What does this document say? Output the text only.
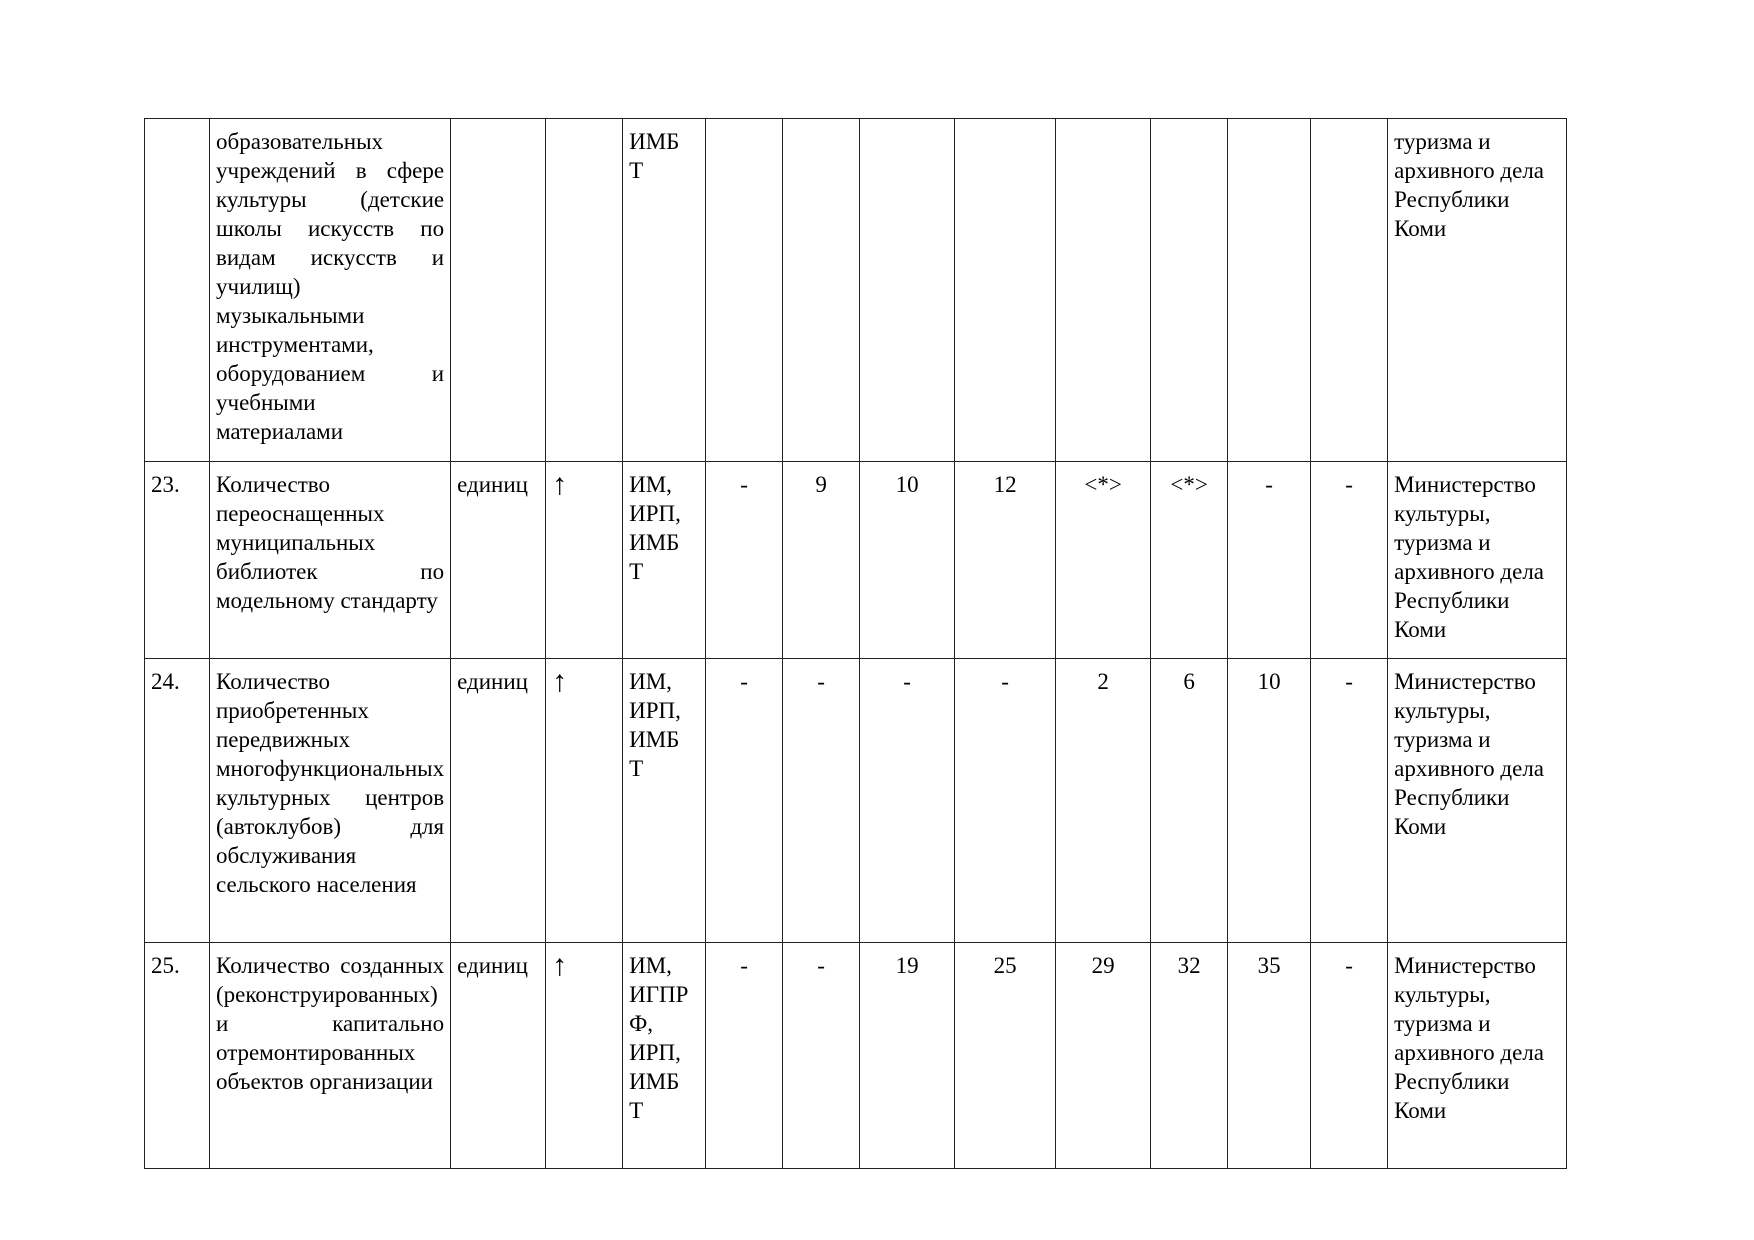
	образовательных учреждений в сфере культуры (детские школы искусств по видам искусств и училищ) музыкальными инструментами, оборудованием и учебными материалами			ИМБ Т									туризма и архивного дела Республики Коми
23.	Количество переоснащенных муниципальных библиотек по модельному стандарту	единиц	↑	ИМ, ИРП, ИМБ Т	-	9	10	12	<*>	<*>	-	-	Министерство культуры, туризма и архивного дела Республики Коми
24.	Количество приобретенных передвижных многофункциональных культурных центров (автоклубов) для обслуживания сельского населения	единиц	↑	ИМ, ИРП, ИМБ Т	-	-	-	-	2	6	10	-	Министерство культуры, туризма и архивного дела Республики Коми
25.	Количество созданных (реконструированных) и капитально отремонтированных объектов организации	единиц	↑	ИМ, ИГПР Ф, ИРП, ИМБ Т	-	-	19	25	29	32	35	-	Министерство культуры, туризма и архивного дела Республики Коми
